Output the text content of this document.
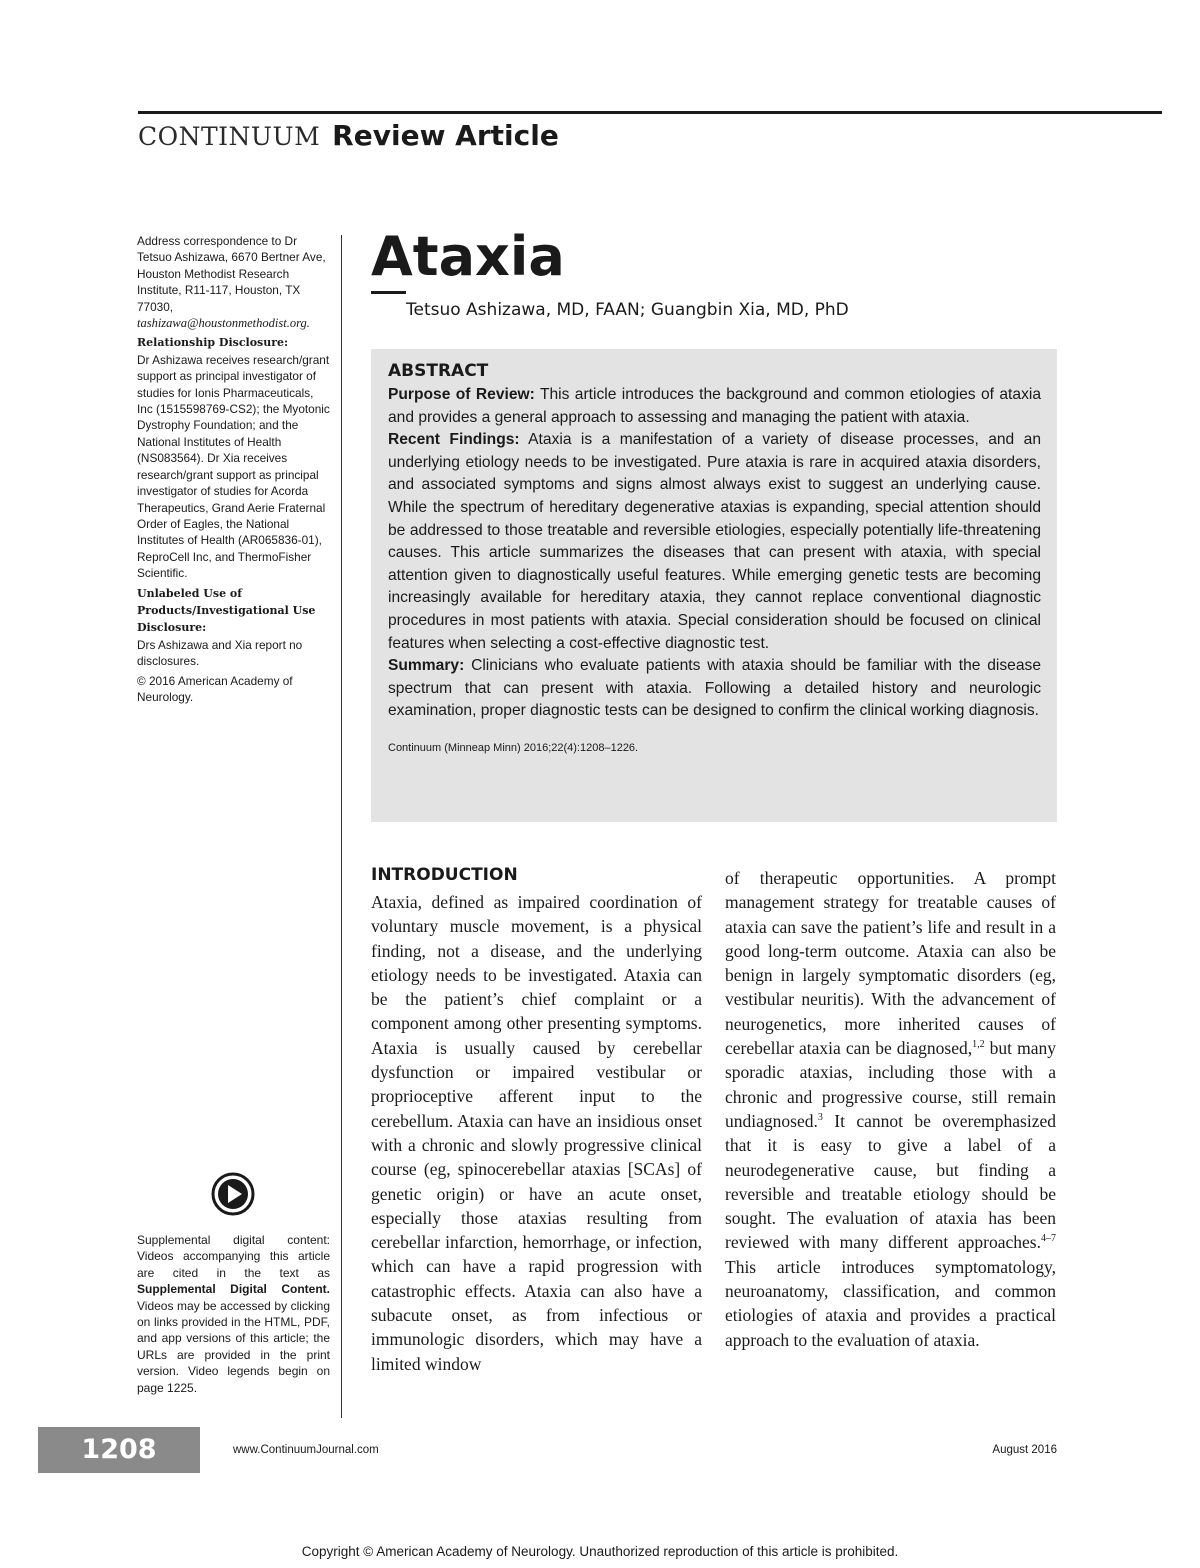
CONTINUUM Review Article

Address correspondence to Dr Tetsuo Ashizawa, 6670 Bertner Ave, Houston Methodist Research Institute, R11-117, Houston, TX 77030, tashizawa@houstonmethodist.org.

Relationship Disclosure:
Dr Ashizawa receives research/grant support as principal investigator of studies for Ionis Pharmaceuticals, Inc (1515598769-CS2); the Myotonic Dystrophy Foundation; and the National Institutes of Health (NS083564). Dr Xia receives research/grant support as principal investigator of studies for Acorda Therapeutics, Grand Aerie Fraternal Order of Eagles, the National Institutes of Health (AR065836-01), ReproCell Inc, and ThermoFisher Scientific.

Unlabeled Use of Products/Investigational Use Disclosure:
Drs Ashizawa and Xia report no disclosures.

© 2016 American Academy of Neurology.

Ataxia
Tetsuo Ashizawa, MD, FAAN; Guangbin Xia, MD, PhD

ABSTRACT

Purpose of Review: This article introduces the background and common etiologies of ataxia and provides a general approach to assessing and managing the patient with ataxia.

Recent Findings: Ataxia is a manifestation of a variety of disease processes, and an underlying etiology needs to be investigated. Pure ataxia is rare in acquired ataxia disorders, and associated symptoms and signs almost always exist to suggest an underlying cause. While the spectrum of hereditary degenerative ataxias is expanding, special attention should be addressed to those treatable and reversible etiologies, especially potentially life-threatening causes. This article summarizes the diseases that can present with ataxia, with special attention given to diagnostically useful features. While emerging genetic tests are becoming increasingly available for hereditary ataxia, they cannot replace conventional diagnostic procedures in most patients with ataxia. Special consideration should be focused on clinical features when selecting a cost-effective diagnostic test.

Summary: Clinicians who evaluate patients with ataxia should be familiar with the disease spectrum that can present with ataxia. Following a detailed history and neurologic examination, proper diagnostic tests can be designed to confirm the clinical working diagnosis.

Continuum (Minneap Minn) 2016;22(4):1208–1226.

INTRODUCTION

Ataxia, defined as impaired coordination of voluntary muscle movement, is a physical finding, not a disease, and the underlying etiology needs to be investigated. Ataxia can be the patient’s chief complaint or a component among other presenting symptoms. Ataxia is usually caused by cerebellar dysfunction or impaired vestibular or proprioceptive afferent input to the cerebellum. Ataxia can have an insidious onset with a chronic and slowly progressive clinical course (eg, spinocerebellar ataxias [SCAs] of genetic origin) or have an acute onset, especially those ataxias resulting from cerebellar infarction, hemorrhage, or infection, which can have a rapid progression with catastrophic effects. Ataxia can also have a subacute onset, as from infectious or immunologic disorders, which may have a limited window

of therapeutic opportunities. A prompt management strategy for treatable causes of ataxia can save the patient’s life and result in a good long-term outcome. Ataxia can also be benign in largely symptomatic disorders (eg, vestibular neuritis). With the advancement of neurogenetics, more inherited causes of cerebellar ataxia can be diagnosed,$^{1,2}$ but many sporadic ataxias, including those with a chronic and progressive course, still remain undiagnosed.$^3$ It cannot be overemphasized that it is easy to give a label of a neurodegenerative cause, but finding a reversible and treatable etiology should be sought. The evaluation of ataxia has been reviewed with many different approaches.$^{4-7}$ This article introduces symptomatology, neuroanatomy, classification, and common etiologies of ataxia and provides a practical approach to the evaluation of ataxia.

Supplemental digital content: Videos accompanying this article are cited in the text as Supplemental Digital Content. Videos may be accessed by clicking on links provided in the HTML, PDF, and app versions of this article; the URLs are provided in the print version. Video legends begin on page 1225.
1208	www.ContinuumJournal.com	August 2016
Copyright © American Academy of Neurology. Unauthorized reproduction of this article is prohibited.
